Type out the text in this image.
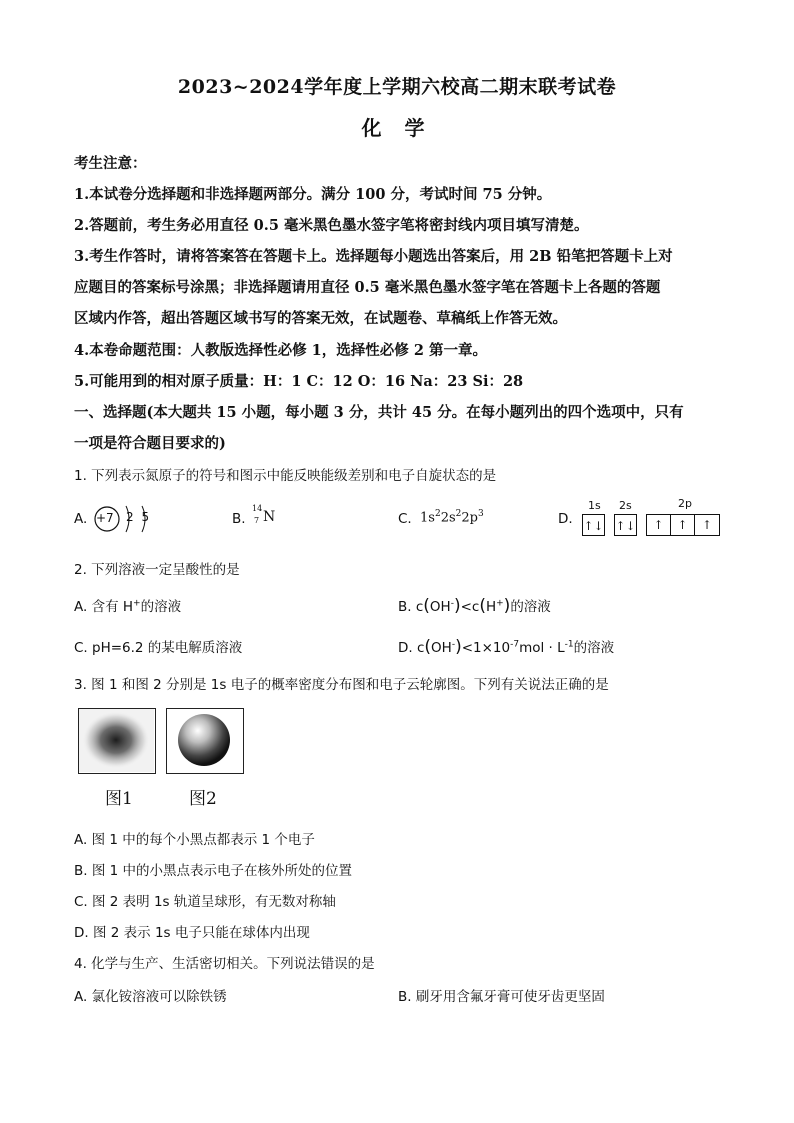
2023~2024学年度上学期六校高二期末联考试卷
化 学
考生注意：
1.本试卷分选择题和非选择题两部分。满分 100 分，考试时间 75 分钟。
2.答题前，考生务必用直径 0.5 毫米黑色墨水签字笔将密封线内项目填写清楚。
3.考生作答时，请将答案答在答题卡上。选择题每小题选出答案后，用 2B 铅笔把答题卡上对
应题目的答案标号涂黑；非选择题请用直径 0.5 毫米黑色墨水签字笔在答题卡上各题的答题
区域内作答，超出答题区域书写的答案无效，在试题卷、草稿纸上作答无效。
4.本卷命题范围：人教版选择性必修 1，选择性必修 2 第一章。
5.可能用到的相对原子质量：H：1 C：12 O：16 Na：23 Si：28
一、选择题(本大题共 15 小题，每小题 3 分，共计 45 分。在每小题列出的四个选项中，只有
一项是符合题目要求的)
1. 下列表示氮原子的符号和图示中能反映能级差别和电子自旋状态的是
A. +7 2 5	B.
14
7 N	C. $1s^22s^22p^3$	D.
1s 2s	2p
↑↓ ↑↓	↑	↑	↑
2. 下列溶液一定呈酸性的是
A. 含有 H+的溶液	B. c(OH-)<c(H+)的溶液
C. pH=6.2 的某电解质溶液	D. $c(OH^-)<1\times 10^{-7}mol \cdot L^{-1}$的溶液
3. 图 1 和图 2 分别是 1s 电子的概率密度分布图和电子云轮廓图。下列有关说法正确的是
图1	图2
A. 图 1 中的每个小黑点都表示 1 个电子
B. 图 1 中的小黑点表示电子在核外所处的位置
C. 图 2 表明 1s 轨道呈球形，有无数对称轴
D. 图 2 表示 1s 电子只能在球体内出现
4. 化学与生产、生活密切相关。下列说法错误的是
A. 氯化铵溶液可以除铁锈	B. 刷牙用含氟牙膏可使牙齿更坚固
